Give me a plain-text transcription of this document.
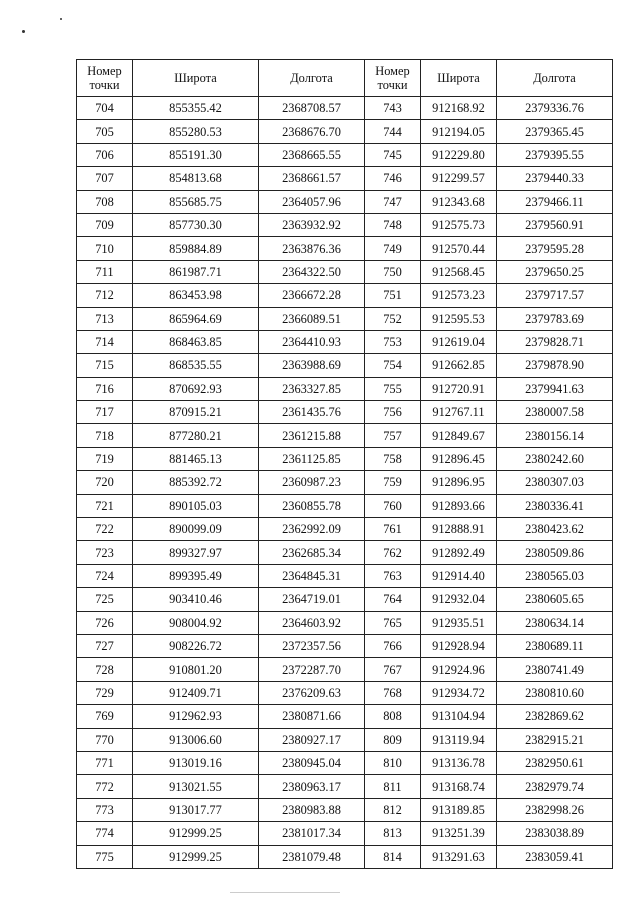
Номер точки	Широта	Долгота	Номер точки	Широта	Долгота
704	855355.42	2368708.57	743	912168.92	2379336.76
705	855280.53	2368676.70	744	912194.05	2379365.45
706	855191.30	2368665.55	745	912229.80	2379395.55
707	854813.68	2368661.57	746	912299.57	2379440.33
708	855685.75	2364057.96	747	912343.68	2379466.11
709	857730.30	2363932.92	748	912575.73	2379560.91
710	859884.89	2363876.36	749	912570.44	2379595.28
711	861987.71	2364322.50	750	912568.45	2379650.25
712	863453.98	2366672.28	751	912573.23	2379717.57
713	865964.69	2366089.51	752	912595.53	2379783.69
714	868463.85	2364410.93	753	912619.04	2379828.71
715	868535.55	2363988.69	754	912662.85	2379878.90
716	870692.93	2363327.85	755	912720.91	2379941.63
717	870915.21	2361435.76	756	912767.11	2380007.58
718	877280.21	2361215.88	757	912849.67	2380156.14
719	881465.13	2361125.85	758	912896.45	2380242.60
720	885392.72	2360987.23	759	912896.95	2380307.03
721	890105.03	2360855.78	760	912893.66	2380336.41
722	890099.09	2362992.09	761	912888.91	2380423.62
723	899327.97	2362685.34	762	912892.49	2380509.86
724	899395.49	2364845.31	763	912914.40	2380565.03
725	903410.46	2364719.01	764	912932.04	2380605.65
726	908004.92	2364603.92	765	912935.51	2380634.14
727	908226.72	2372357.56	766	912928.94	2380689.11
728	910801.20	2372287.70	767	912924.96	2380741.49
729	912409.71	2376209.63	768	912934.72	2380810.60
769	912962.93	2380871.66	808	913104.94	2382869.62
770	913006.60	2380927.17	809	913119.94	2382915.21
771	913019.16	2380945.04	810	913136.78	2382950.61
772	913021.55	2380963.17	811	913168.74	2382979.74
773	913017.77	2380983.88	812	913189.85	2382998.26
774	912999.25	2381017.34	813	913251.39	2383038.89
775	912999.25	2381079.48	814	913291.63	2383059.41
